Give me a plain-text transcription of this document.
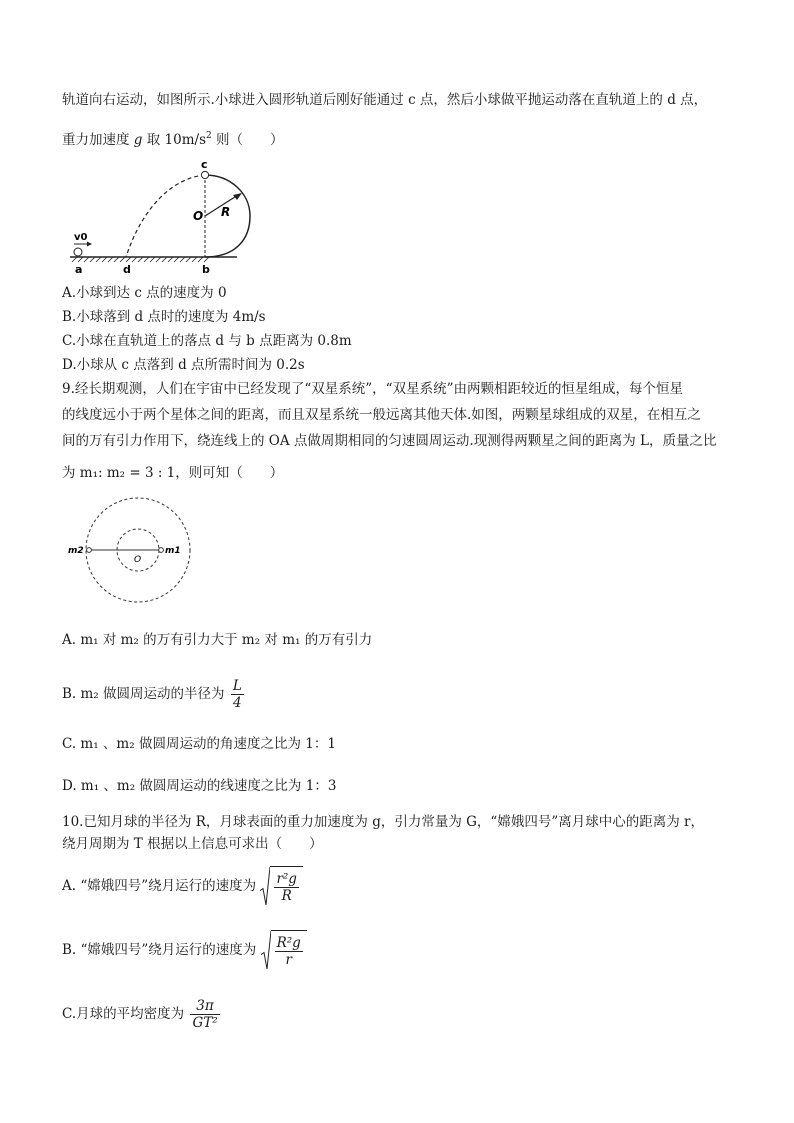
轨道向右运动，如图所示.小球进入圆形轨道后刚好能通过 c 点，然后小球做平抛运动落在直轨道上的 d 点，
重力加速度 g 取 $10m/s^2$ 则（　　）
v0
a	d	b
c
O R
A.小球到达 c 点的速度为 0
B.小球落到 d 点时的速度为 4m/s
C.小球在直轨道上的落点 d 与 b 点距离为 0.8m
D.小球从 c 点落到 d 点所需时间为 0.2s
9.经长期观测，人们在宇宙中已经发现了“双星系统”，“双星系统”由两颗相距较近的恒星组成，每个恒星
的线度远小于两个星体之间的距离，而且双星系统一般远离其他天体.如图，两颗星球组成的双星，在相互之
间的万有引力作用下，绕连线上的 OA 点做周期相同的匀速圆周运动.现测得两颗星之间的距离为 L，质量之比
为 m₁: m₂ = 3 : 1，则可知（　　）
m2	m1
O
A. m₁ 对 m₂ 的万有引力大于 m₂ 对 m₁ 的万有引力
B. m₂ 做圆周运动的半径为 $\frac{L}{4}$
C. m₁ 、m₂ 做圆周运动的角速度之比为 1：1
D. m₁ 、m₂ 做圆周运动的线速度之比为 1：3
10.已知月球的半径为 R，月球表面的重力加速度为 g，引力常量为 G，“嫦娥四号”离月球中心的距离为 r，
绕月周期为 T 根据以上信息可求出（　　）
A. “嫦娥四号”绕月运行的速度为 $\frac{\text{r²g}}{R}$
B. “嫦娥四号”绕月运行的速度为 $\frac{\text{R²g}}{r}$
C.月球的平均密度为 $\frac{3\pi}{\text{GT²}}$
